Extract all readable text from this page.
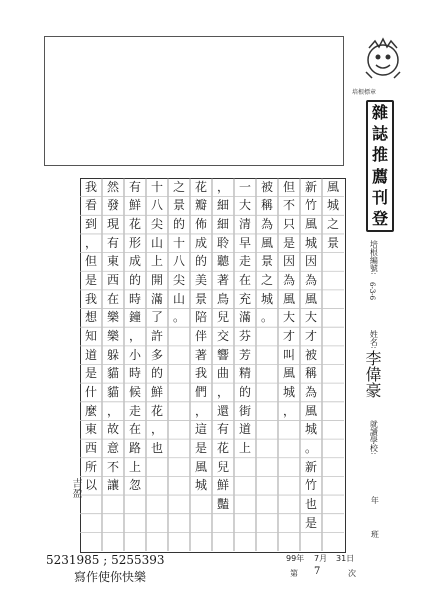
培根標章
雜
誌
推
薦
刊
登
培根編號:
6-3-6
姓名:
李偉豪
就讀學校:
年
班
風
城
之
景
新
竹
風
城
因
為
風
大
才
被
稱
為
風
城
。
新
竹
也
是
但
不
只
是
因
為
風
大
才
叫
風
城
，
被
稱
為
風
景
之
城
。
一
大
清
早
走
在
充
滿
芬
芳
精
的
街
道
上
，
細
細
聆
聽
著
鳥
兒
交
響
曲
，
還
有
花
兒
鮮
豔
花
瓣
佈
成
的
美
景
陪
伴
著
我
們
，
這
是
風
城
之
景
的
十
八
尖
山
。
十
八
尖
山
上
開
滿
了
許
多
的
鮮
花
，
也
有
鮮
花
形
成
的
時
鐘
，
小
時
候
走
在
路
上
忽
然
發
現
有
東
西
在
樂
樂
躲
貓
貓
，
故
意
不
讓
我
看
到
，
但
是
我
想
知
道
是
什
麼
東
西
所
以
吉盈
5231985 ; 5255393
寫作使你快樂
99年 7月 31日
第 7	次
